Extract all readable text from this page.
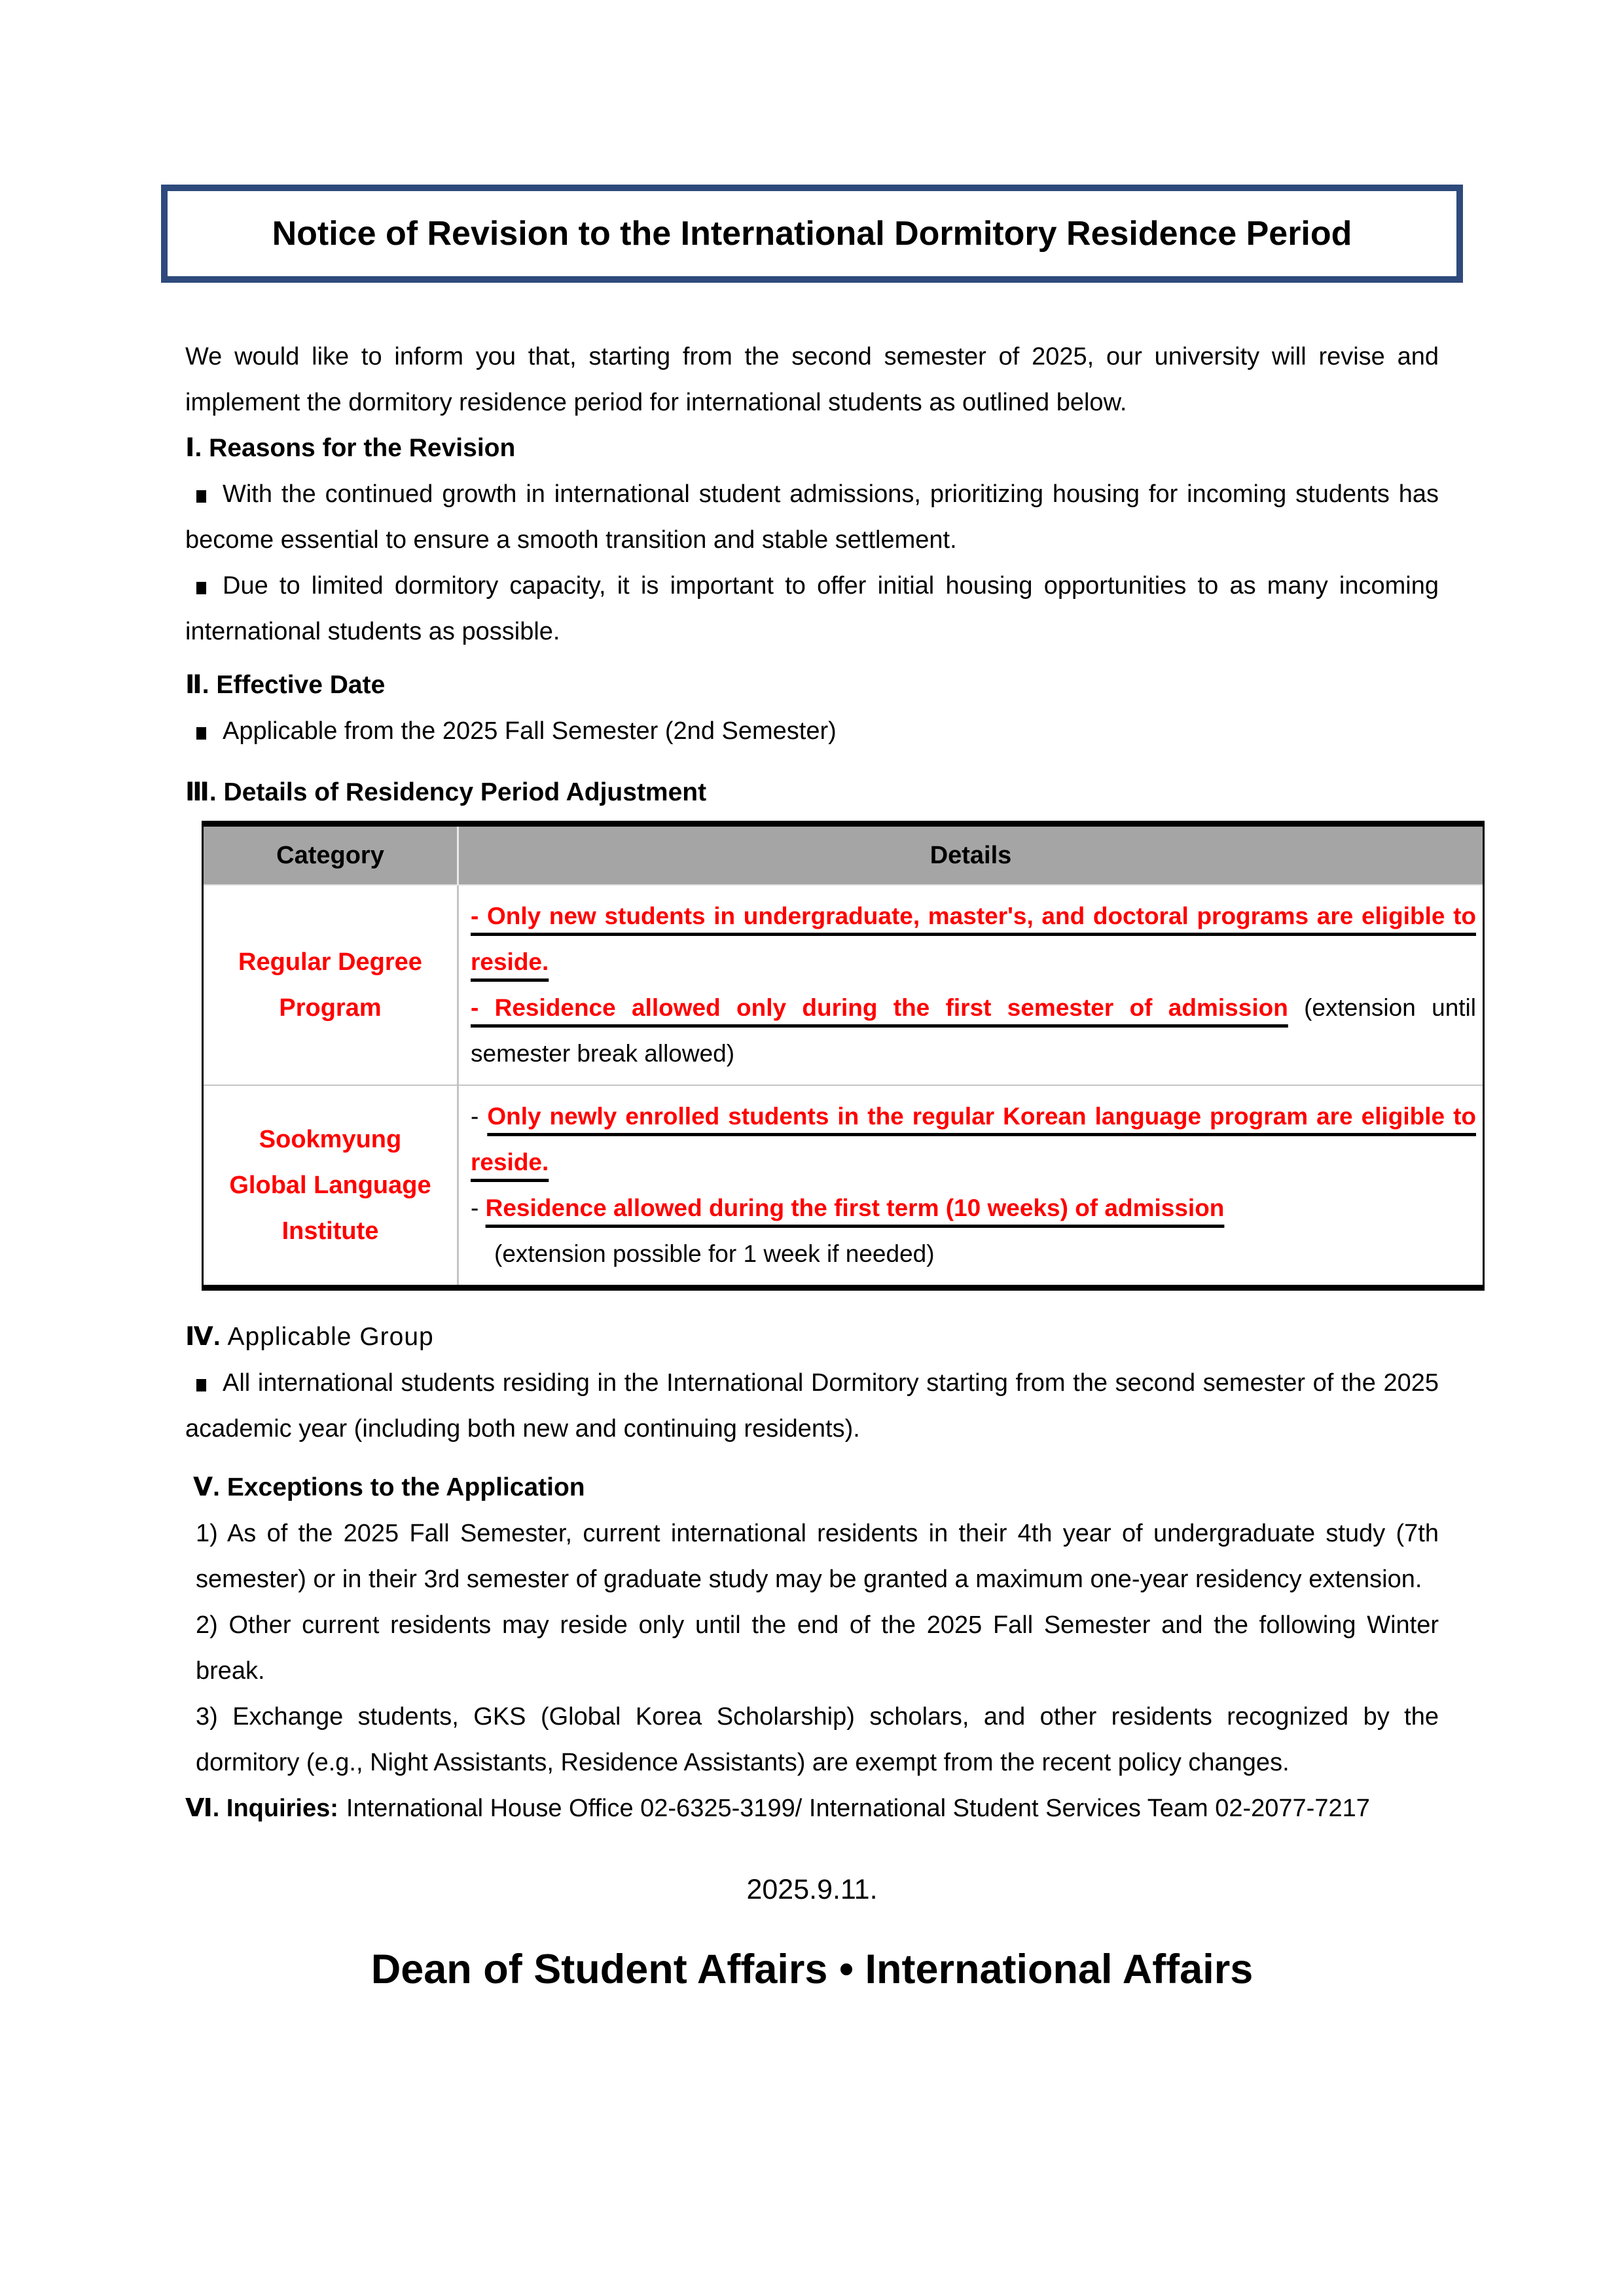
Notice of Revision to the International Dormitory Residence Period

We would like to inform you that, starting from the second semester of 2025, our university will revise and implement the dormitory residence period for international students as outlined below.

Ⅰ. Reasons for the Revision

With the continued growth in international student admissions, prioritizing housing for incoming students has become essential to ensure a smooth transition and stable settlement.

Due to limited dormitory capacity, it is important to offer initial housing opportunities to as many incoming international students as possible.

Ⅱ. Effective Date

Applicable from the 2025 Fall Semester (2nd Semester)

Ⅲ. Details of Residency Period Adjustment
Category	Details
Regular Degree Program	- Only new students in undergraduate, master's, and doctoral programs are eligible to reside.

- Residence allowed only during the first semester of admission (extension until semester break allowed)

Sookmyung Global Language Institute	- Only newly enrolled students in the regular Korean language program are eligible to reside.

- Residence allowed during the first term (10 weeks) of admission

(extension possible for 1 week if needed)

Ⅳ. Applicable Group

All international students residing in the International Dormitory starting from the second semester of the 2025 academic year (including both new and continuing residents).

Ⅴ. Exceptions to the Application

1) As of the 2025 Fall Semester, current international residents in their 4th year of undergraduate study (7th semester) or in their 3rd semester of graduate study may be granted a maximum one-year residency extension.

2) Other current residents may reside only until the end of the 2025 Fall Semester and the following Winter break.

3) Exchange students, GKS (Global Korea Scholarship) scholars, and other residents recognized by the dormitory (e.g., Night Assistants, Residence Assistants) are exempt from the recent policy changes.

Ⅵ. Inquiries: International House Office 02-6325-3199/ International Student Services Team 02-2077-7217

2025.9.11.

Dean of Student Affairs • International Affairs
